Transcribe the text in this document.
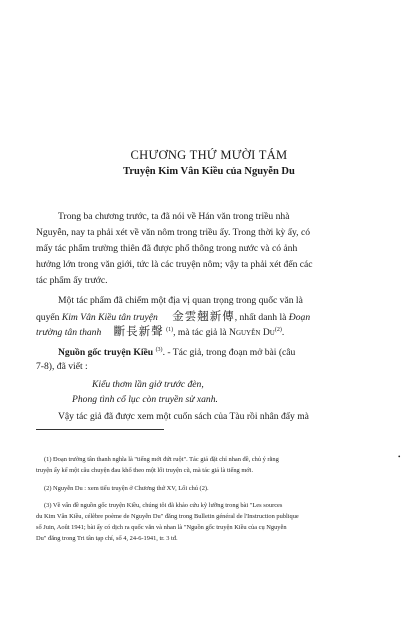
CHƯƠNG THỨ MƯỜI TÁM
Truyện Kim Vân Kiều của Nguyễn Du
Trong ba chương trước, ta đã nói về Hán văn trong triều nhà
Nguyễn, nay ta phải xét về văn nôm trong triều ấy. Trong thời kỳ ấy, có
mấy tác phẩm trường thiên đã được phổ thông trong nước và có ảnh
hưởng lớn trong văn giới, tức là các truyện nôm; vậy ta phải xét đến các
tác phẩm ấy trước.
Một tác phẩm đã chiếm một địa vị quan trọng trong quốc văn là
quyển Kim Vân Kiều tân truyện 金雲翹新傳, nhất danh là Đoạn
trường tân thanh 斷長新聲 $^{(1)}$, mà tác giả là Nguyễn Du$^{(2)}$.
Nguồn gốc truyện Kiều $^{(3)}$. - Tác giả, trong đoạn mở bài (câu
7-8), đã viết :
Kiểu thơm lần giở trước đèn,
Phong tình cổ lục còn truyền sử xanh.
Vậy tác giả đã được xem một cuốn sách của Tàu rồi nhân đấy mà
(1) Đoạn trường tân thanh nghĩa là "tiếng mới đứt ruột". Tác giả đặt chỉ nhan đề, chủ ý rằng
truyện ấy kể một câu chuyện đau khổ theo một lối truyện cũ, mà tác giả là tiếng mới.
(2) Nguyễn Du : xem tiểu truyện ở Chương thứ XV, Lối chú (2).
(3) Về vấn đề nguồn gốc truyện Kiều, chúng tôi đã khảo cứu kỹ lưỡng trong bài "Les sources
du Kim Vân Kiều, célèbre poème de Nguyễn Du" đăng trong Bulletin général de l'Instruction publique
số Juin, Août 1941; bài ấy có dịch ra quốc văn và nhan là "Nguồn gốc truyện Kiều của cụ Nguyễn
Du" đăng trong Tri tân tạp chí, số 4, 24-6-1941, tr. 3 tđ.
•
